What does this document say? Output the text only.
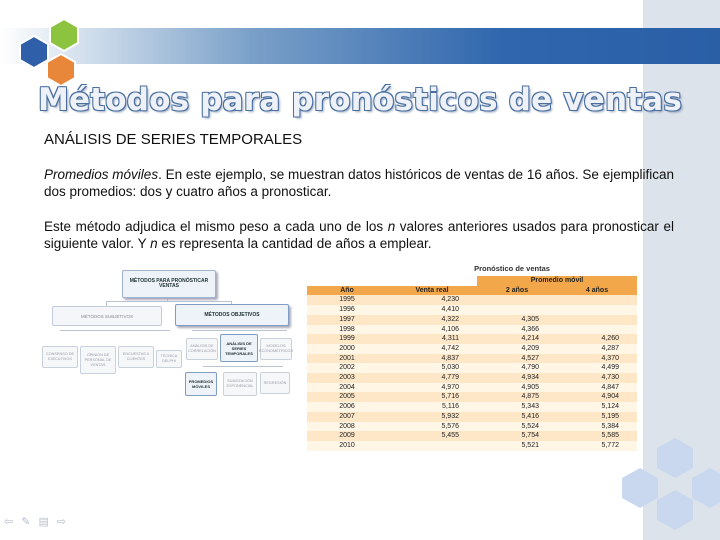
Métodos para pronósticos de ventas
ANÁLISIS DE SERIES TEMPORALES
Promedios móviles. En este ejemplo, se muestran datos históricos de ventas de 16 años. Se ejemplifican dos promedios: dos y cuatro años a pronosticar.
Este método adjudica el mismo peso a cada uno de los n valores anteriores usados para pronosticar el siguiente valor. Y n es representa la cantidad de años a emplear.
MÉTODOS PARA PRONÓSTICAR VENTAS
MÉTODOS SUBJETIVOS	MÉTODOS OBJETIVOS
CONSENSO DE EJECUTIVOS
OPINIÓN DE PERSONAL DE VENTAS
ENCUESTAS A CLIENTES
TÉCNICA DELPHI
ANÁLISIS DE CORRELACIÓN
ANÁLISIS DE SERIES TEMPORALES
MODELOS ECONOMÉTRICOS
PROMEDIOS MÓVILES
SUAVIZACIÓN EXPONENCIAL
REGRESIÓN
Pronóstico de ventas
		Promedio móvil	
Año	Venta real	2 años	4 años
1995	4,230		
1996	4,410		
1997	4,322	4,305	
1998	4,106	4,366	
1999	4,311	4,214	4,260
2000	4,742	4,209	4,287
2001	4,837	4,527	4,370
2002	5,030	4,790	4,499
2003	4,779	4,934	4,730
2004	4,970	4,905	4,847
2005	5,716	4,875	4,904
2006	5,116	5,343	5,124
2007	5,932	5,416	5,195
2008	5,576	5,524	5,384
2009	5,455	5,754	5,585
2010		5,521	5,772
⇦✎▤⇨
